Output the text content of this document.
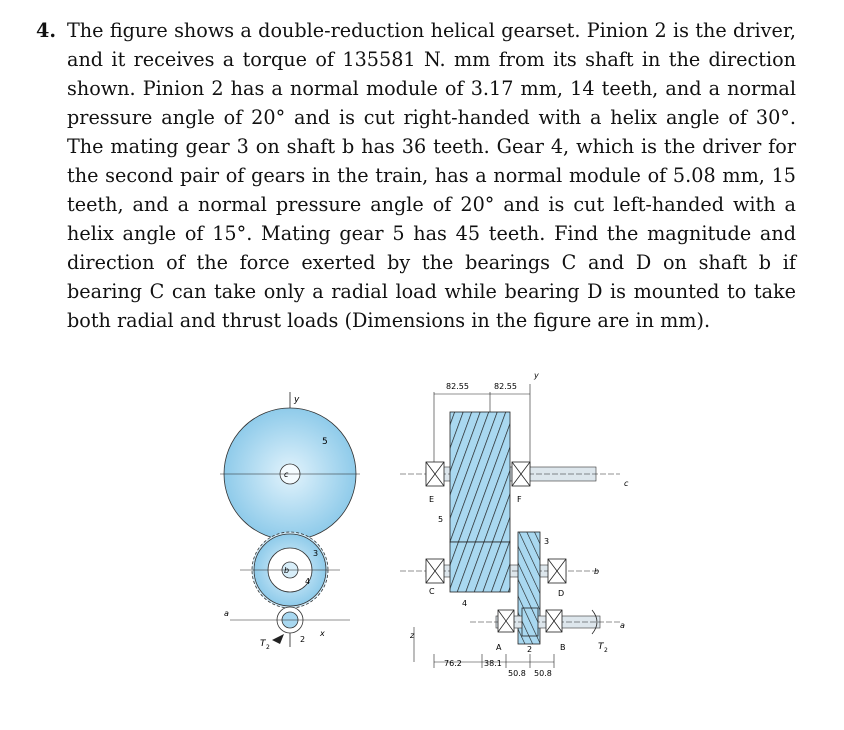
4. The figure shows a double-reduction helical gearset. Pinion 2 is the driver, and it receives a torque of 135581 N. mm from its shaft in the direction shown. Pinion 2 has a normal module of 3.17 mm, 14 teeth, and a normal pressure angle of 20° and is cut right-handed with a helix angle of 30°. The mating gear 3 on shaft b has 36 teeth. Gear 4, which is the driver for the second pair of gears in the train, has a normal module of 5.08 mm, 15 teeth, and a normal pressure angle of 20° and is cut left-handed with a helix angle of 15°. Mating gear 5 has 45 teeth. Find the magnitude and direction of the force exerted by the bearings C and D on shaft b if bearing C can take only a radial load while bearing D is mounted to take both radial and thrust loads (Dimensions in the figure are in mm).
y
c
5
b
3
4
a
x
2
T 2
82.55	82.55
y
c
E	F
5
b
C	D
4
3
a
2
A	B	T 2
z
76.2	38.1
50.8 50.8
